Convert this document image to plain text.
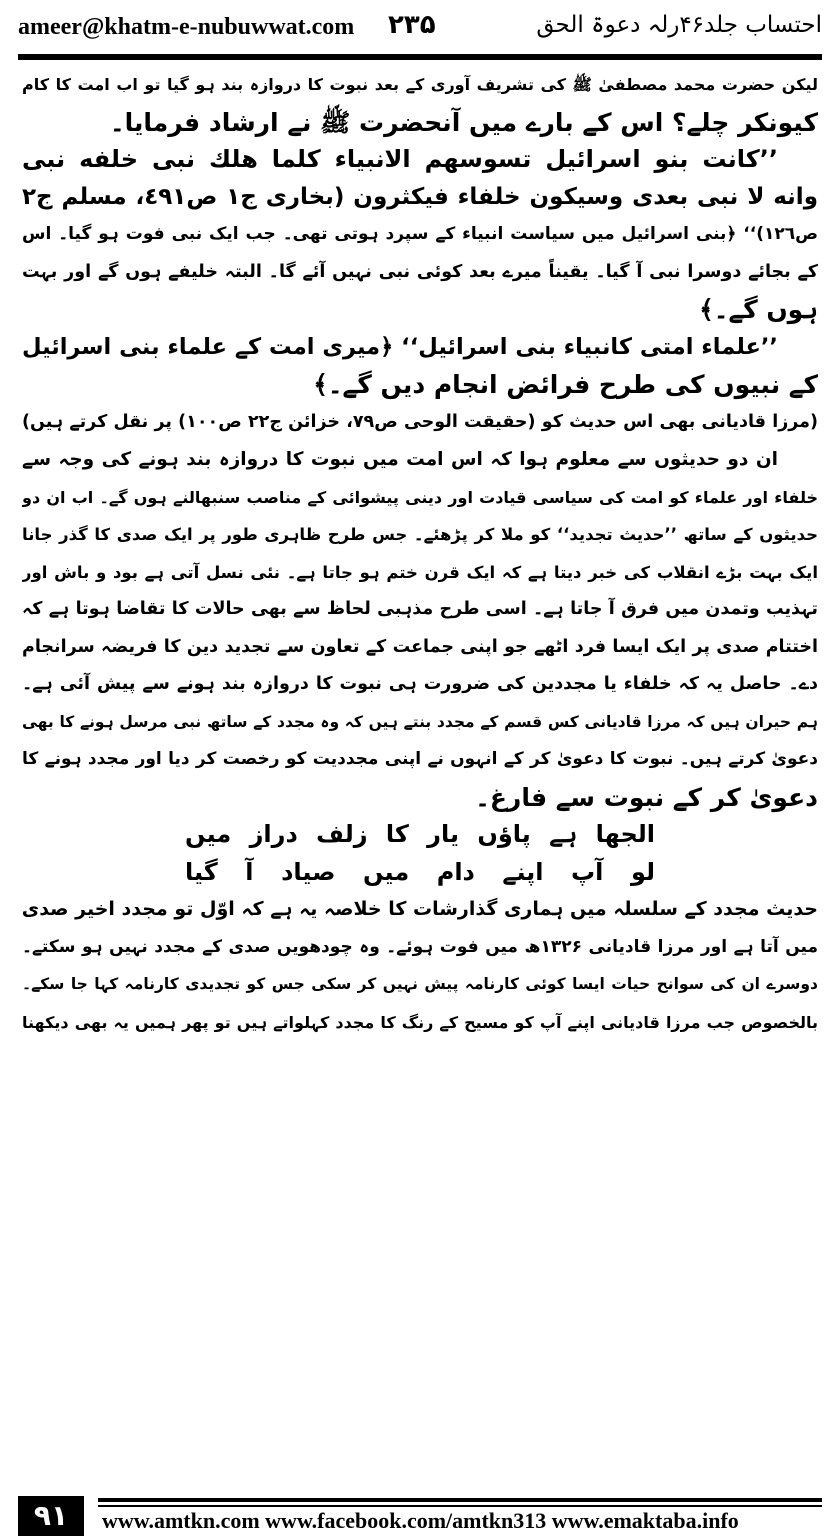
ameer@khatm-e-nubuwwat.com ۲۳۵	احتساب جلد۴۶رلہ دعوۃ الحق
لیکن حضرت محمد مصطفیٰ ﷺ کی تشریف آوری کے بعد نبوت کا دروازہ بند ہو گیا تو اب امت کا کام
کیونکر چلے؟ اس کے بارے میں آنحضرت ﷺ نے ارشاد فرمایا۔
’’كانت بنو اسرائيل تسوسهم الانبياء كلما هلك نبى خلفه نبى
وانه لا نبى بعدى وسيكون خلفاء فيكثرون (بخارى ج١ ص٤٩١، مسلم ج٢
ص١٢٦)‘‘ ﴿بنی اسرائیل میں سیاست انبیاء کے سپرد ہوتی تھی۔ جب ایک نبی فوت ہو گیا۔ اس
کے بجائے دوسرا نبی آ گیا۔ یقیناً میرے بعد کوئی نبی نہیں آئے گا۔ البتہ خلیفے ہوں گے اور بہت
ہوں گے۔﴾
’’علماء امتى كانبياء بنى اسرائيل‘‘ ﴿میری امت کے علماء بنی اسرائیل
کے نبیوں کی طرح فرائض انجام دیں گے۔﴾
(مرزا قادیانی بھی اس حدیث کو (حقیقت الوحی ص۷۹، خزائن ج۲۲ ص۱۰۰) پر نقل کرتے ہیں)
ان دو حدیثوں سے معلوم ہوا کہ اس امت میں نبوت کا دروازہ بند ہونے کی وجہ سے
خلفاء اور علماء کو امت کی سیاسی قیادت اور دینی پیشوائی کے مناصب سنبھالنے ہوں گے۔ اب ان دو
حدیثوں کے ساتھ ’’حدیث تجدید‘‘ کو ملا کر پڑھئے۔ جس طرح ظاہری طور پر ایک صدی کا گذر جانا
ایک بہت بڑے انقلاب کی خبر دیتا ہے کہ ایک قرن ختم ہو جاتا ہے۔ نئی نسل آتی ہے بود و باش اور
تہذیب وتمدن میں فرق آ جاتا ہے۔ اسی طرح مذہبی لحاظ سے بھی حالات کا تقاضا ہوتا ہے کہ
اختتام صدی پر ایک ایسا فرد اٹھے جو اپنی جماعت کے تعاون سے تجدید دین کا فریضہ سرانجام
دے۔ حاصل یہ کہ خلفاء یا مجددین کی ضرورت ہی نبوت کا دروازہ بند ہونے سے پیش آئی ہے۔
ہم حیران ہیں کہ مرزا قادیانی کس قسم کے مجدد بنتے ہیں کہ وہ مجدد کے ساتھ نبی مرسل ہونے کا بھی
دعویٰ کرتے ہیں۔ نبوت کا دعویٰ کر کے انہوں نے اپنی مجددیت کو رخصت کر دیا اور مجدد ہونے کا
دعویٰ کر کے نبوت سے فارغ۔
الجھا ہے پاؤں یار کا زلف دراز میں
لو آپ اپنے دام میں صیاد آ گیا
حدیث مجدد کے سلسلہ میں ہماری گذارشات کا خلاصہ یہ ہے کہ اوّل تو مجدد اخیر صدی
میں آتا ہے اور مرزا قادیانی ۱۳۲۶ھ میں فوت ہوئے۔ وہ چودھویں صدی کے مجدد نہیں ہو سکتے۔
دوسرے ان کی سوانح حیات ایسا کوئی کارنامہ پیش نہیں کر سکی جس کو تجدیدی کارنامہ کہا جا سکے۔
بالخصوص جب مرزا قادیانی اپنے آپ کو مسیح کے رنگ کا مجدد کہلواتے ہیں تو پھر ہمیں یہ بھی دیکھنا
۹۱	www.amtkn.com www.facebook.com/amtkn313 www.emaktaba.info
